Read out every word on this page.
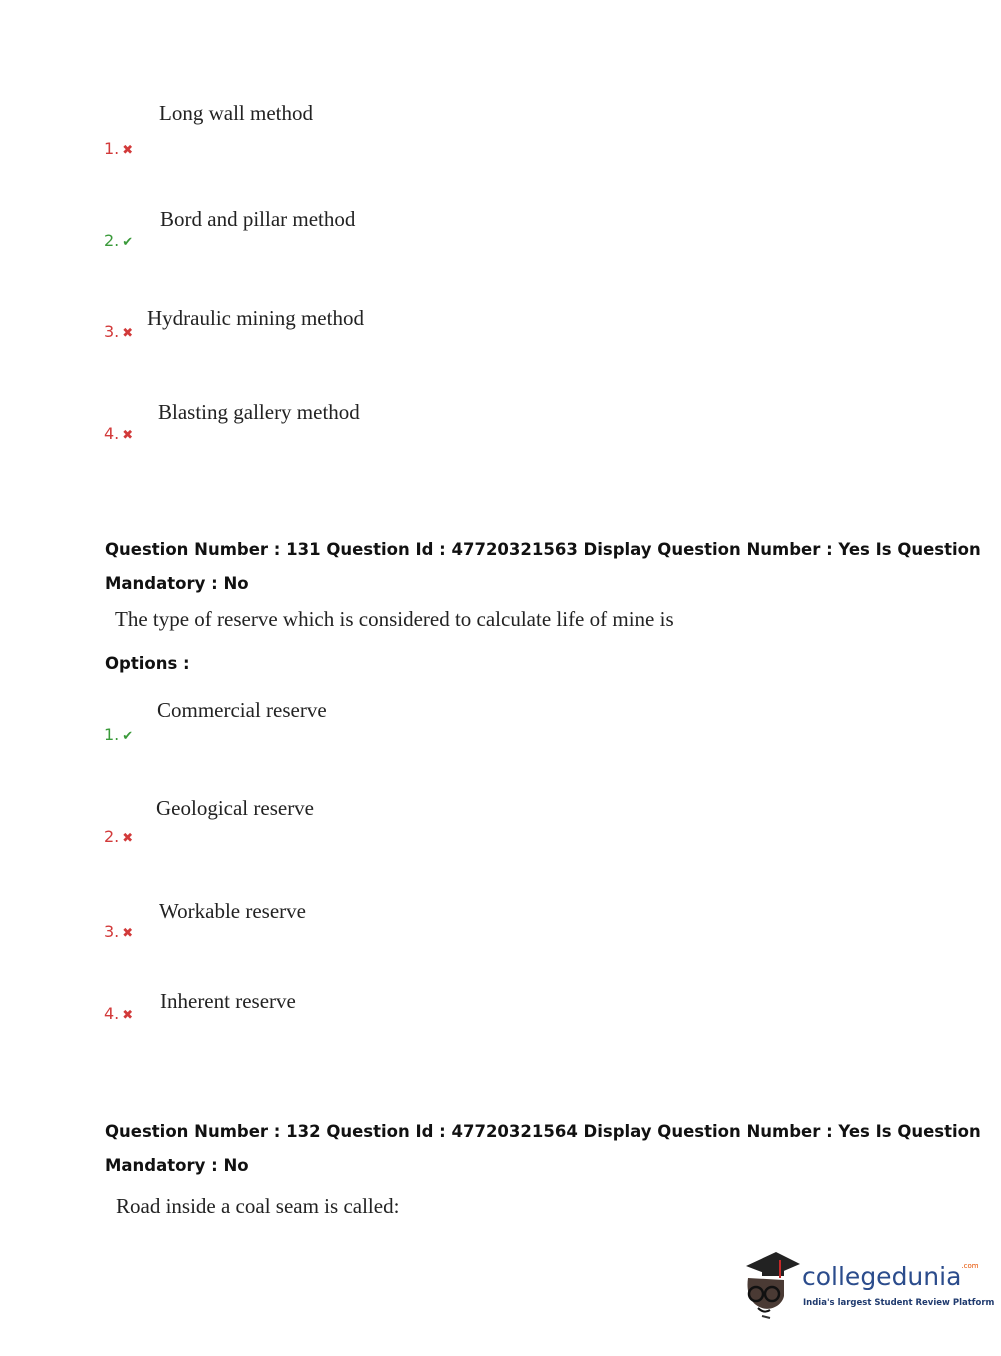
Long wall method
1. ✖
Bord and pillar method
2. ✔
Hydraulic mining method
3. ✖
Blasting gallery method
4. ✖
Question Number : 131 Question Id : 47720321563 Display Question Number : Yes Is Question
Mandatory : No
The type of reserve which is considered to calculate life of mine is
Options :
Commercial reserve
1. ✔
Geological reserve
2. ✖
Workable reserve
3. ✖
Inherent reserve
4. ✖
Question Number : 132 Question Id : 47720321564 Display Question Number : Yes Is Question
Mandatory : No
Road inside a coal seam is called:
collegedunia$^{.com}$
India's largest Student Review Platform
